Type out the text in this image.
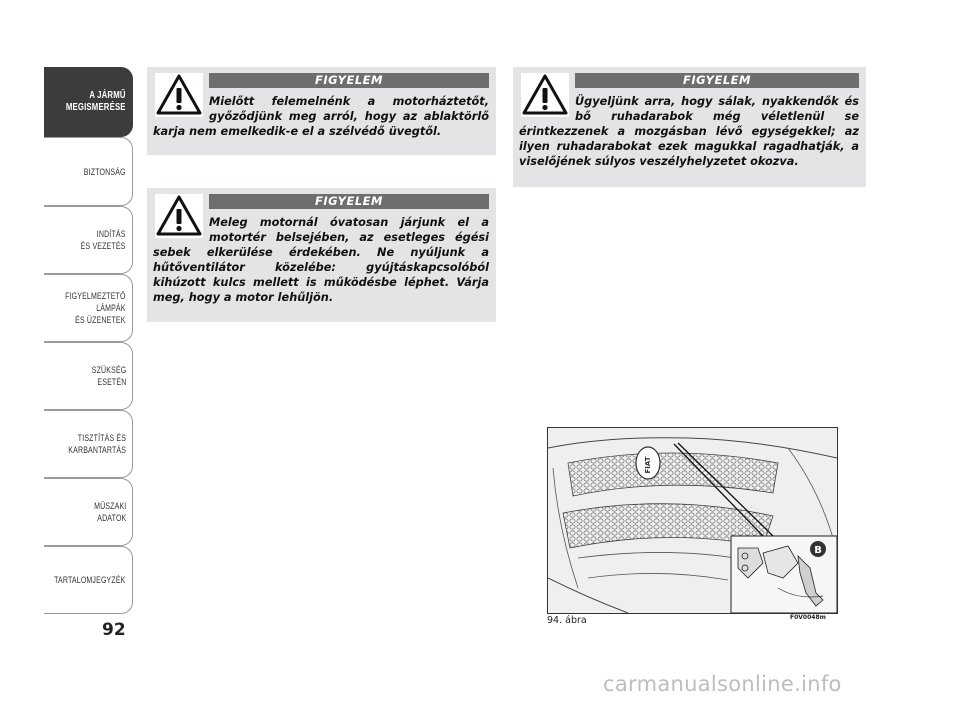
A JÁRMŰ
MEGISMERÉSE
BIZTONSÁG
INDÍTÁS
ÉS VEZETÉS
FIGYELMEZTETŐ
LÁMPÁK
ÉS ÜZENETEK
SZÜKSÉG
ESETÉN
TISZTÍTÁS ÉS
KARBANTARTÁS
MŰSZAKI
ADATOK
TARTALOMJEGYZÉK
92
FIGYELEM
Mielőtt felemelnénk a motorháztetőt, győződjünk meg arról, hogy az ablaktörlő karja nem emelkedik-e el a szélvédő üvegtől.
FIGYELEM
Meleg motornál óvatosan járjunk el a motortér belsejében, az esetleges égési sebek elkerülése érdekében. Ne nyúljunk a hűtőventilátor közelébe: gyújtáskapcsolóból kihúzott kulcs mellett is működésbe léphet. Várja meg, hogy a motor lehűljön.
FIGYELEM
Ügyeljünk arra, hogy sálak, nyakkendők és bő ruhadarabok még véletlenül se érintkezzenek a mozgásban lévő egységekkel; az ilyen ruhadarabokat ezek magukkal ragadhatják, a viselőjének súlyos veszélyhelyzetet okozva.
FIAT
B
94. ábra	F0V0048m
carmanualsonline.info
